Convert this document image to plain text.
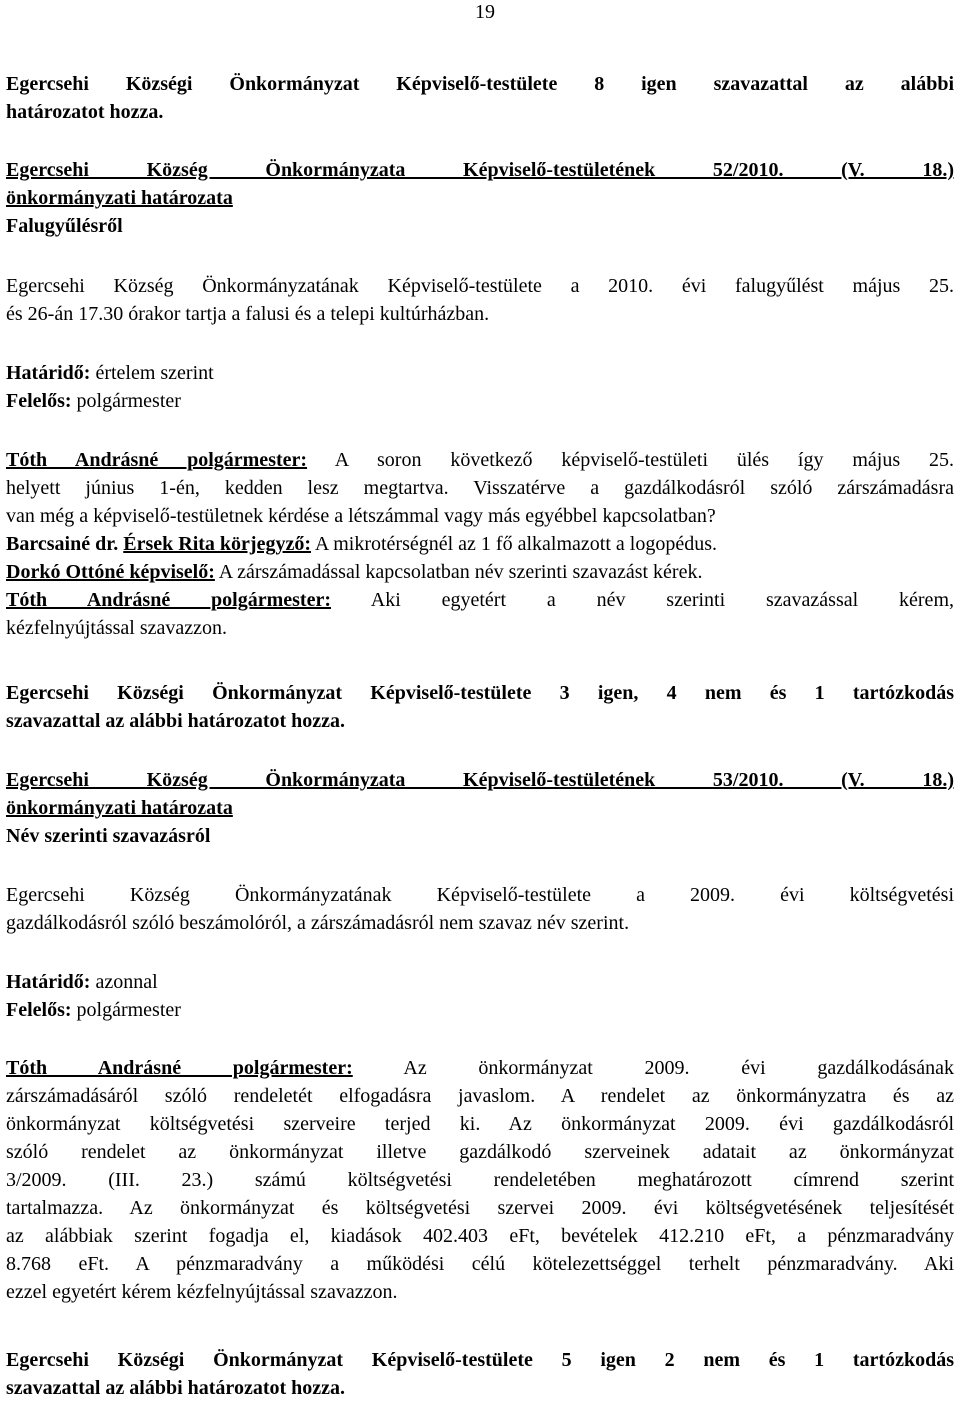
19

Egercsehi Községi Önkormányzat Képviselő-testülete 8 igen szavazattal az alábbi

határozatot hozza.

Egercsehi Község Önkormányzata Képviselő-testületének 52/2010. (V. 18.)

önkormányzati határozata

Falugyűlésről

Egercsehi Község Önkormányzatának Képviselő-testülete a 2010. évi falugyűlést május 25.

és 26-án 17.30 órakor tartja a falusi és a telepi kultúrházban.

Határidő: értelem szerint

Felelős: polgármester

Tóth Andrásné polgármester: A soron következő képviselő-testületi ülés így május 25.

helyett június 1-én, kedden lesz megtartva. Visszatérve a gazdálkodásról szóló zárszámadásra

van még a képviselő-testületnek kérdése a létszámmal vagy más egyébbel kapcsolatban?

Barcsainé dr. Érsek Rita körjegyző: A mikrotérségnél az 1 fő alkalmazott a logopédus.

Dorkó Ottóné képviselő: A zárszámadással kapcsolatban név szerinti szavazást kérek.

Tóth Andrásné polgármester: Aki egyetért a név szerinti szavazással kérem,

kézfelnyújtással szavazzon.

Egercsehi Községi Önkormányzat Képviselő-testülete 3 igen, 4 nem és 1 tartózkodás

szavazattal az alábbi határozatot hozza.

Egercsehi Község Önkormányzata Képviselő-testületének 53/2010. (V. 18.)

önkormányzati határozata

Név szerinti szavazásról

Egercsehi Község Önkormányzatának Képviselő-testülete a 2009. évi költségvetési

gazdálkodásról szóló beszámolóról, a zárszámadásról nem szavaz név szerint.

Határidő: azonnal

Felelős: polgármester

Tóth Andrásné polgármester: Az önkormányzat 2009. évi gazdálkodásának

zárszámadásáról szóló rendeletét elfogadásra javaslom. A rendelet az önkormányzatra és az

önkormányzat költségvetési szerveire terjed ki. Az önkormányzat 2009. évi gazdálkodásról

szóló rendelet az önkormányzat illetve gazdálkodó szerveinek adatait az önkormányzat

3/2009. (III. 23.) számú költségvetési rendeletében meghatározott címrend szerint

tartalmazza. Az önkormányzat és költségvetési szervei 2009. évi költségvetésének teljesítését

az alábbiak szerint fogadja el, kiadások 402.403 eFt, bevételek 412.210 eFt, a pénzmaradvány

8.768 eFt. A pénzmaradvány a működési célú kötelezettséggel terhelt pénzmaradvány. Aki

ezzel egyetért kérem kézfelnyújtással szavazzon.

Egercsehi Községi Önkormányzat Képviselő-testülete 5 igen 2 nem és 1 tartózkodás

szavazattal az alábbi határozatot hozza.
